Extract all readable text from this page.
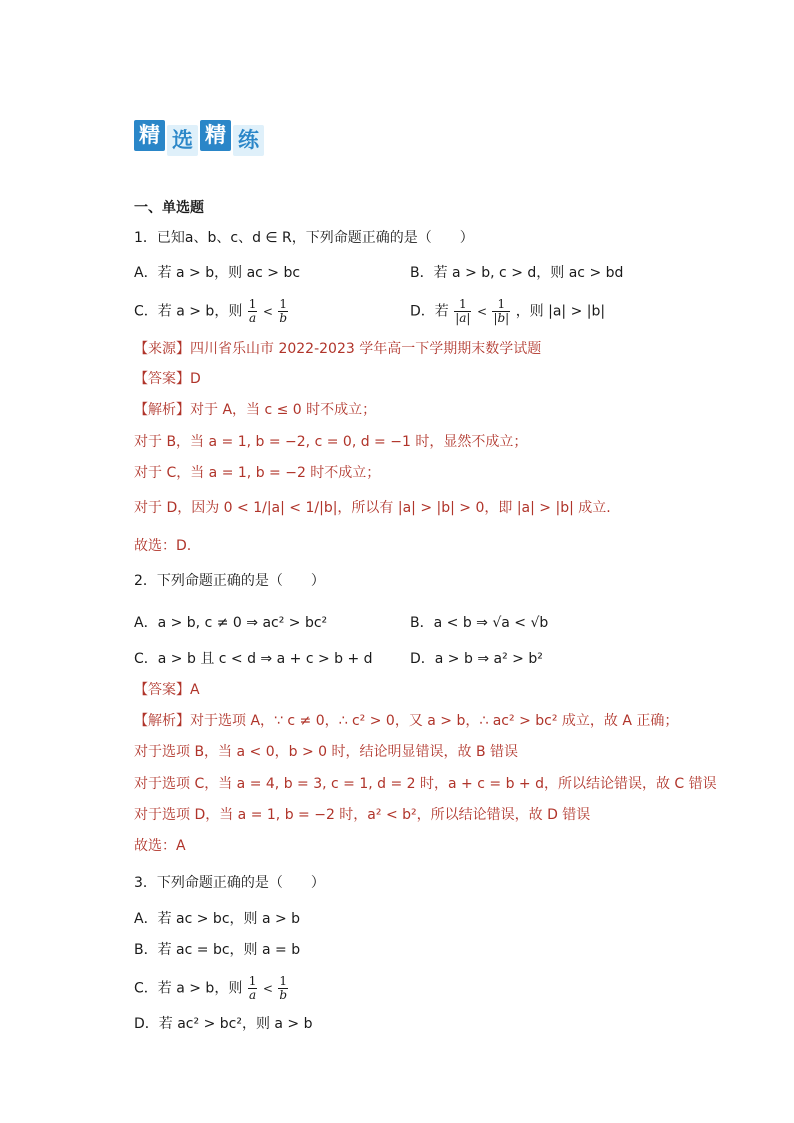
精 选 精 练
一、单选题
1．已知a、b、c、d ∈ R，下列命题正确的是（　　）
A．若 a > b，则 ac > bc	B．若 a > b, c > d，则 ac > bd
C．若 a > b，则 $\frac{1}{a} < \frac{1}{b}$	D．若 $\frac{1}{|a|} < \frac{1}{|b|}$ ，则 |a| > |b|
【来源】四川省乐山市 2022-2023 学年高一下学期期末数学试题
【答案】D
【解析】对于 A，当 c ≤ 0 时不成立；
对于 B，当 a = 1, b = −2, c = 0, d = −1 时，显然不成立；
对于 C，当 a = 1, b = −2 时不成立；
对于 D，因为 0 < 1/|a| < 1/|b|，所以有 |a| > |b| > 0，即 |a| > |b| 成立.
故选：D.
2．下列命题正确的是（　　）
A．a > b, c ≠ 0 ⇒ ac² > bc²	B．a < b ⇒ √a < √b
C．a > b 且 c < d ⇒ a + c > b + d	D．a > b ⇒ a² > b²
【答案】A
【解析】对于选项 A，∵ c ≠ 0，∴ c² > 0，又 a > b，∴ ac² > bc² 成立，故 A 正确；
对于选项 B，当 a < 0，b > 0 时，结论明显错误，故 B 错误
对于选项 C，当 a = 4, b = 3, c = 1, d = 2 时，a + c = b + d，所以结论错误，故 C 错误
对于选项 D，当 a = 1, b = −2 时，a² < b²，所以结论错误，故 D 错误
故选：A
3．下列命题正确的是（　　）
A．若 ac > bc，则 a > b
B．若 ac = bc，则 a = b
C．若 a > b，则 $\frac{1}{a} < \frac{1}{b}$
D．若 ac² > bc²，则 a > b
